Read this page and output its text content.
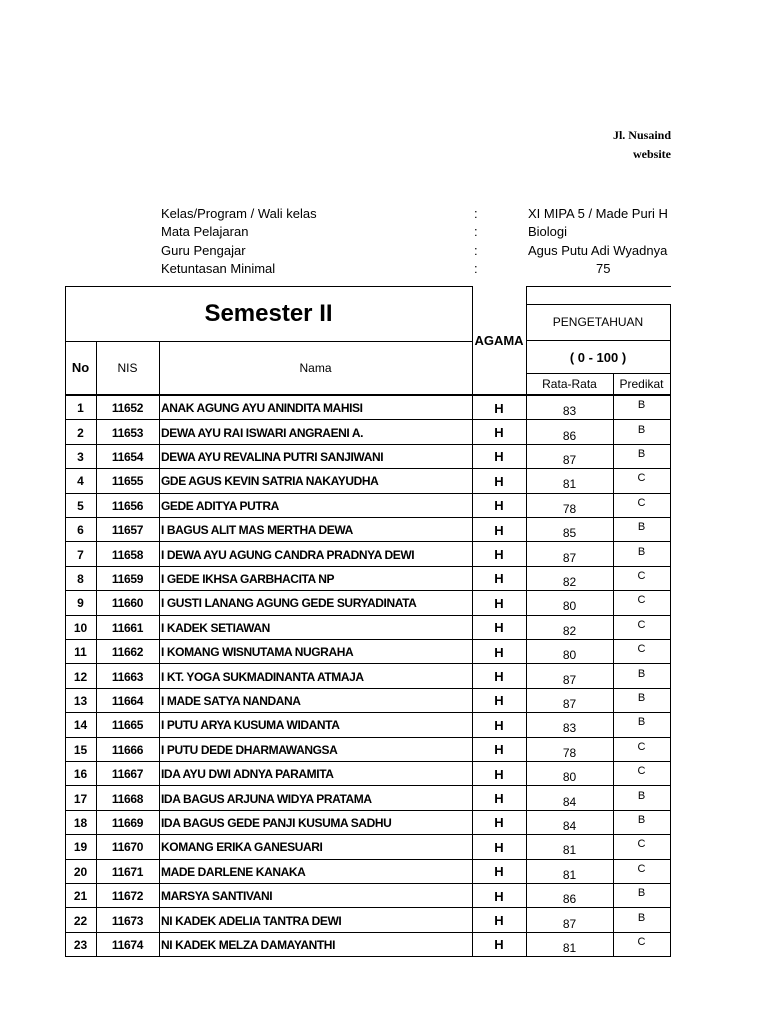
Jl. Nusaind
website
Kelas/Program / Wali kelas	:	XI MIPA 5 / Made Puri H
Mata Pelajaran	:	Biologi
Guru Pengajar	:	Agus Putu Adi Wyadnya
Ketuntasan Minimal	:	75
Semester II
AGAMA
PENGETAHUAN
( 0 - 100 )
No	NIS	Nama
Rata-Rata	Predikat
1	11652	ANAK AGUNG AYU ANINDITA MAHISI	H	83	B
2	11653	DEWA AYU RAI ISWARI ANGRAENI A.	H	86	B
3	11654	DEWA AYU REVALINA PUTRI SANJIWANI	H	87	B
4	11655	GDE AGUS KEVIN SATRIA NAKAYUDHA	H	81	C
5	11656	GEDE ADITYA PUTRA	H	78	C
6	11657	I BAGUS ALIT MAS MERTHA DEWA	H	85	B
7	11658	I DEWA AYU AGUNG CANDRA PRADNYA DEWI	H	87	B
8	11659	I GEDE IKHSA GARBHACITA NP	H	82	C
9	11660	I GUSTI LANANG AGUNG GEDE SURYADINATA	H	80	C
10	11661	I KADEK SETIAWAN	H	82	C
11	11662	I KOMANG WISNUTAMA NUGRAHA	H	80	C
12	11663	I KT. YOGA SUKMADINANTA ATMAJA	H	87	B
13	11664	I MADE SATYA NANDANA	H	87	B
14	11665	I PUTU ARYA KUSUMA WIDANTA	H	83	B
15	11666	I PUTU DEDE DHARMAWANGSA	H	78	C
16	11667	IDA AYU DWI ADNYA PARAMITA	H	80	C
17	11668	IDA BAGUS ARJUNA WIDYA PRATAMA	H	84	B
18	11669	IDA BAGUS GEDE PANJI KUSUMA SADHU	H	84	B
19	11670	KOMANG ERIKA GANESUARI	H	81	C
20	11671	MADE DARLENE KANAKA	H	81	C
21	11672	MARSYA SANTIVANI	H	86	B
22	11673	NI KADEK ADELIA TANTRA DEWI	H	87	B
23	11674	NI KADEK MELZA DAMAYANTHI	H	81	C
